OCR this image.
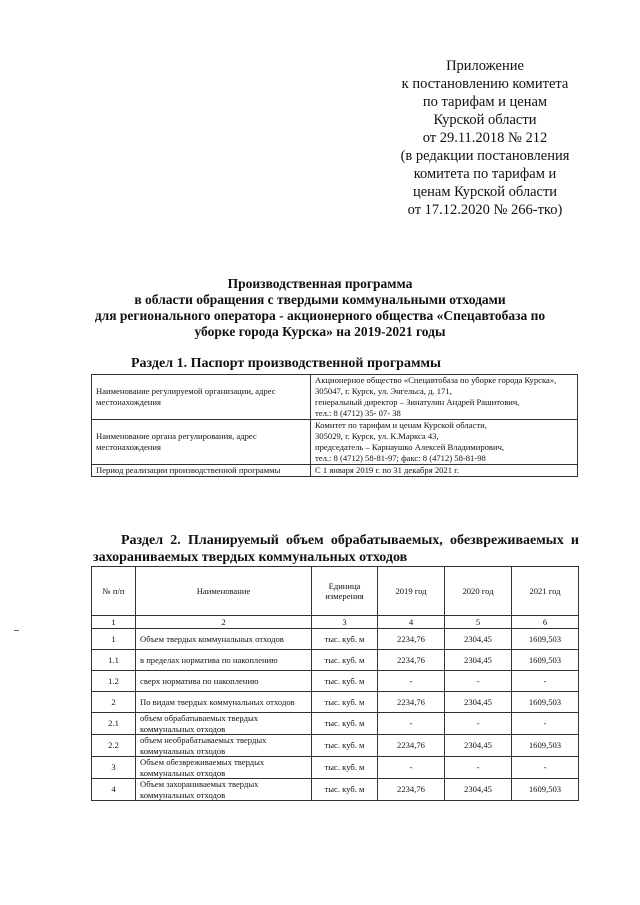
Приложение
к постановлению комитета
по тарифам и ценам
Курской области
от 29.11.2018 № 212
(в редакции постановления
комитета по тарифам и
ценам Курской области
от 17.12.2020 № 266-тко)
Производственная программа
в области обращения с твердыми коммунальными отходами
для регионального оператора - акционерного общества «Спецавтобаза по
уборке города Курска» на 2019-2021 годы
Раздел 1. Паспорт производственной программы
Наименование регулируемой организации, адрес местонахождения	Акционерное общество «Спецавтобаза по уборке города Курска»,
305047, г. Курск, ул. Энгельса, д. 171,
генеральный директор – Зинатулин Андрей Рашитович,
тел.: 8 (4712) 35- 07- 38

Наименование органа регулирования, адрес местонахождения	Комитет по тарифам и ценам Курской области,
305029, г. Курск, ул. К.Маркса 43,
председатель – Карнаушко Алексей Владимирович,
тел.: 8 (4712) 58-81-97; факс: 8 (4712) 58-81-98

Период реализации производственной программы	С 1 января 2019 г. по 31 декабря 2021 г.
Раздел 2. Планируемый объем обрабатываемых, обезвреживаемых и
захораниваемых твердых коммунальных отходов
№ п/п	Наименование	Единица измерения	2019 год	2020 год	2021 год
1	2	3	4	5	6
1	Объем твердых коммунальных отходов	тыс. куб. м	2234,76	2304,45	1609,503
1.1	в пределах норматива по накоплению	тыс. куб. м	2234,76	2304,45	1609,503
1.2	сверх норматива по накоплению	тыс. куб. м	-	-	-
2	По видам твердых коммунальных отходов	тыс. куб. м	2234,76	2304,45	1609,503
2.1	объем обрабатываемых твердых коммунальных отходов	тыс. куб. м	-	-	-
2.2	объем необрабатываемых твердых коммунальных отходов	тыс. куб. м	2234,76	2304,45	1609,503
3	Объем обезвреживаемых твердых коммунальных отходов	тыс. куб. м	-	-	-
4	Объем захораниваемых твердых коммунальных отходов	тыс. куб. м	2234,76	2304,45	1609,503
